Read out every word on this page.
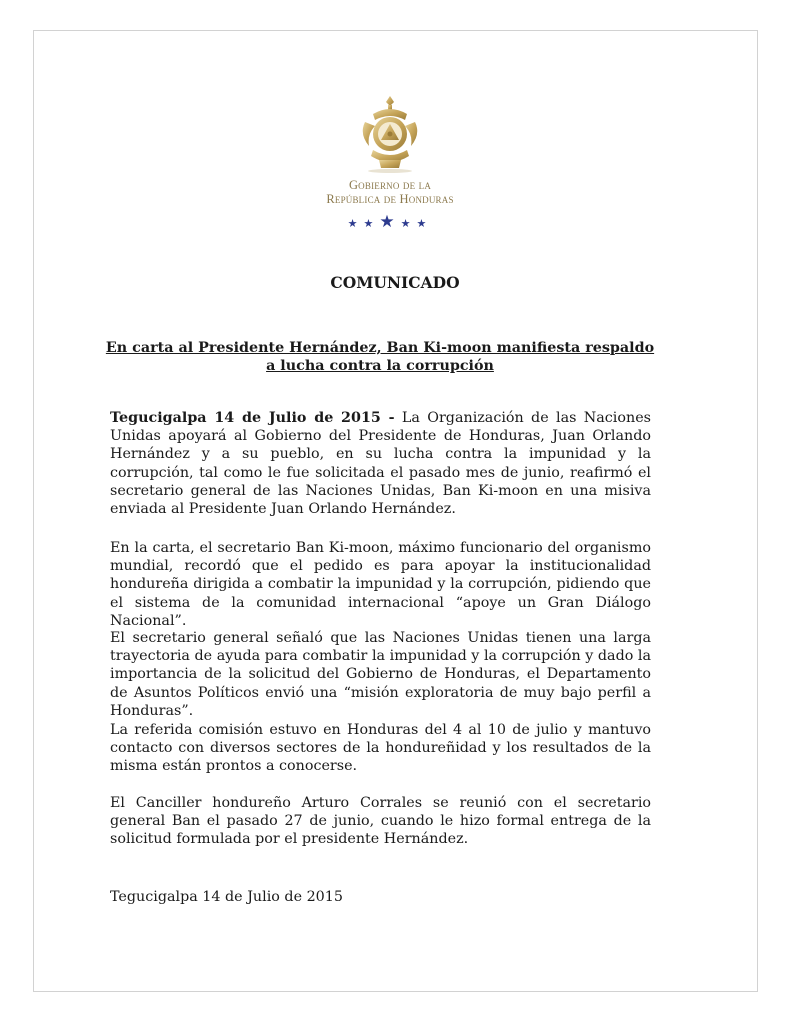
Gobierno de la
República de Honduras
★★★★★
COMUNICADO
En carta al Presidente Hernández, Ban Ki-moon manifiesta respaldo a lucha contra la corrupción

Tegucigalpa 14 de Julio de 2015 - La Organización de las Naciones Unidas apoyará al Gobierno del Presidente de Honduras, Juan Orlando Hernández y a su pueblo, en su lucha contra la impunidad y la corrupción, tal como le fue solicitada el pasado mes de junio, reafirmó el secretario general de las Naciones Unidas, Ban Ki-moon en una misiva enviada al Presidente Juan Orlando Hernández.

En la carta, el secretario Ban Ki-moon, máximo funcionario del organismo mundial, recordó que el pedido es para apoyar la institucionalidad hondureña dirigida a combatir la impunidad y la corrupción, pidiendo que el sistema de la comunidad internacional “apoye un Gran Diálogo Nacional”.

El secretario general señaló que las Naciones Unidas tienen una larga trayectoria de ayuda para combatir la impunidad y la corrupción y dado la importancia de la solicitud del Gobierno de Honduras, el Departamento de Asuntos Políticos envió una “misión exploratoria de muy bajo perfil a Honduras”.

La referida comisión estuvo en Honduras del 4 al 10 de julio y mantuvo contacto con diversos sectores de la hondureñidad y los resultados de la misma están prontos a conocerse.

El Canciller hondureño Arturo Corrales se reunió con el secretario general Ban el pasado 27 de junio, cuando le hizo formal entrega de la solicitud formulada por el presidente Hernández.

Tegucigalpa 14 de Julio de 2015
